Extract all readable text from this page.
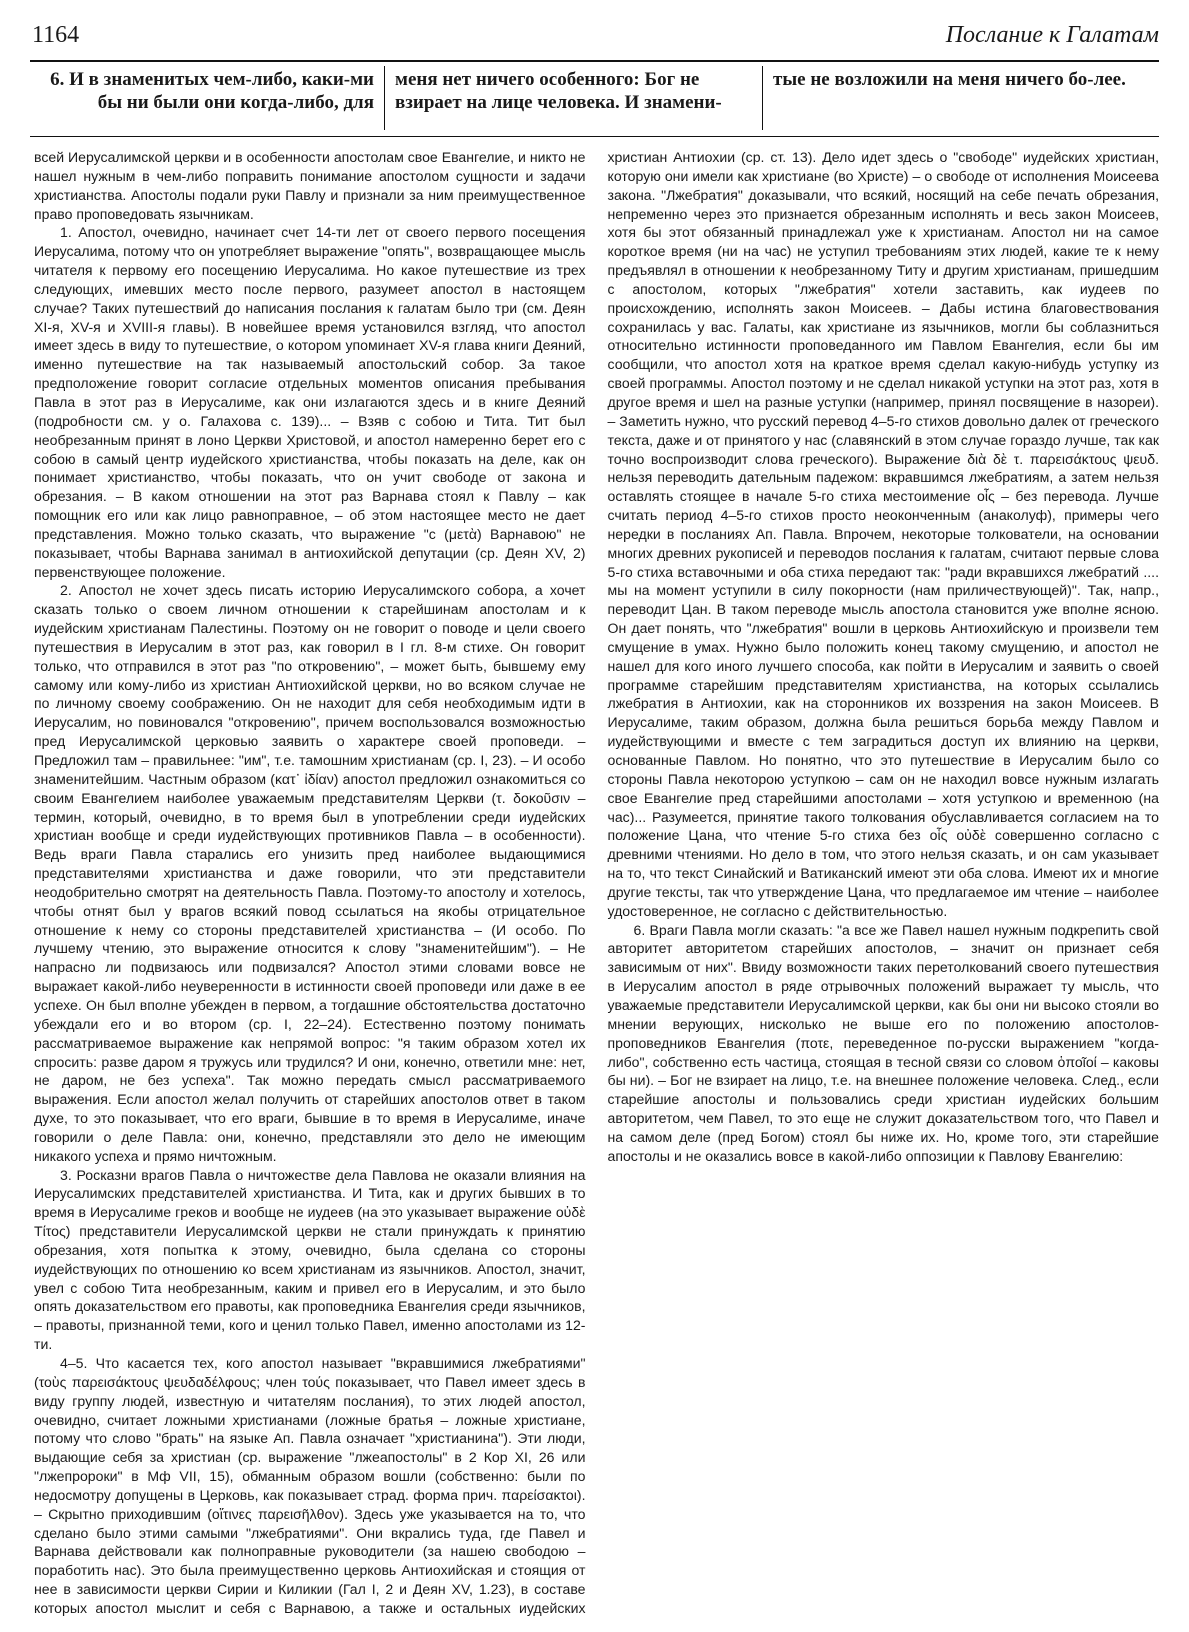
1164	Послание к Галатам
6. И в знаменитых чем-либо, каки-ми бы ни были они когда-либо, для
меня нет ничего особенного: Бог не взирает на лице человека. И знамени-
тые не возложили на меня ничего бо-лее.

всей Иерусалимской церкви и в особенности апостолам свое Евангелие, и никто не нашел нужным в чем-либо поправить понимание апостолом сущности и задачи христианства. Апостолы подали руки Павлу и признали за ним преимущественное право проповедовать язычникам.

1. Апостол, очевидно, начинает счет 14-ти лет от своего первого посещения Иерусалима, потому что он употребляет выражение "опять", возвращающее мысль читателя к первому его посещению Иерусалима. Но какое путешествие из трех следующих, имевших место после первого, разумеет апостол в настоящем случае? Таких путешествий до написания послания к галатам было три (см. Деян XI-я, XV-я и XVIII-я главы). В новейшее время установился взгляд, что апостол имеет здесь в виду то путешествие, о котором упоминает XV-я глава книги Деяний, именно путешествие на так называемый апостольский собор. За такое предположение говорит согласие отдельных моментов описания пребывания Павла в этот раз в Иерусалиме, как они излагаются здесь и в книге Деяний (подробности см. у о. Галахова с. 139)... – Взяв с собою и Тита. Тит был необрезанным принят в лоно Церкви Христовой, и апостол намеренно берет его с собою в самый центр иудейского христианства, чтобы показать на деле, как он понимает христианство, чтобы показать, что он учит свободе от закона и обрезания. – В каком отношении на этот раз Варнава стоял к Павлу – как помощник его или как лицо равноправное, – об этом настоящее место не дает представления. Можно только сказать, что выражение "с (μετὰ) Варнавою" не показывает, чтобы Варнава занимал в антиохийской депутации (ср. Деян XV, 2) первенствующее положение.

2. Апостол не хочет здесь писать историю Иерусалимского собора, а хочет сказать только о своем личном отношении к старейшинам апостолам и к иудейским христианам Палестины. Поэтому он не говорит о поводе и цели своего путешествия в Иерусалим в этот раз, как говорил в I гл. 8-м стихе. Он говорит только, что отправился в этот раз "по откровению", – может быть, бывшему ему самому или кому-либо из христиан Антиохийской церкви, но во всяком случае не по личному своему соображению. Он не находит для себя необходимым идти в Иерусалим, но повиновался "откровению", причем воспользовался возможностью пред Иерусалимской церковью заявить о характере своей проповеди. – Предложил там – правильнее: "им", т.е. тамошним христианам (ср. I, 23). – И особо знаменитейшим. Частным образом (κατ᾿ ἰδίαν) апостол предложил ознакомиться со своим Евангелием наиболее уважаемым представителям Церкви (τ. δοκοῦσιν – термин, который, очевидно, в то время был в употреблении среди иудейских христиан вообще и среди иудействующих противников Павла – в особенности). Ведь враги Павла старались его унизить пред наиболее выдающимися представителями христианства и даже говорили, что эти представители неодобрительно смотрят на деятельность Павла. Поэтому-то апостолу и хотелось, чтобы отнят был у врагов всякий повод ссылаться на якобы отрицательное отношение к нему со стороны представителей христианства – (И особо. По лучшему чтению, это выражение относится к слову "знаменитейшим"). – Не напрасно ли подвизаюсь или подвизался? Апостол этими словами вовсе не выражает какой-либо неуверенности в истинности своей проповеди или даже в ее успехе. Он был вполне убежден в первом, а тогдашние обстоятельства достаточно убеждали его и во втором (ср. I, 22–24). Естественно поэтому понимать рассматриваемое выражение как непрямой вопрос: "я таким образом хотел их спросить: разве даром я тружусь или трудился? И они, конечно, ответили мне: нет, не даром, не без успеха". Так можно передать смысл рассматриваемого выражения. Если апостол желал получить от старейших апостолов ответ в таком духе, то это показывает, что его враги, бывшие в то время в Иерусалиме, иначе говорили о деле Павла: они, конечно, представляли это дело не имеющим никакого успеха и прямо ничтожным.

3. Росказни врагов Павла о ничтожестве дела Павлова не оказали влияния на Иерусалимских представителей христианства. И Тита, как и других бывших в то время в Иерусалиме греков и вообще не иудеев (на это указывает выражение οὐδὲ Τίτος) представители Иерусалимской церкви не стали принуждать к принятию обрезания, хотя попытка к этому, очевидно, была сделана со стороны иудействующих по отношению ко всем христианам из язычников. Апостол, значит, увел с собою Тита необрезанным, каким и привел его в Иерусалим, и это было опять доказательством его правоты, как проповедника Евангелия среди язычников, – правоты, признанной теми, кого и ценил только Павел, именно апостолами из 12-ти.

4–5. Что касается тех, кого апостол называет "вкравшимися лжебратиями" (τοὺς παρεισάκτους ψευδαδέλφους; член τούς показывает, что Павел имеет здесь в виду группу людей, известную и читателям послания), то этих людей апостол, очевидно, считает ложными христианами (ложные братья – ложные христиане, потому что слово "брать" на языке Ап. Павла означает "христианина"). Эти люди, выдающие себя за христиан (ср. выражение "лжеапостолы" в 2 Кор XI, 26 или "лжепророки" в Мф VII, 15), обманным образом вошли (собственно: были по недосмотру допущены в Церковь, как показывает страд. форма прич. παρείσακτοι). – Скрытно приходившим (οἵτινες παρεισῆλθον). Здесь уже указывается на то, что сделано было этими самыми "лжебратиями". Они вкрались туда, где Павел и Варнава действовали как полноправные руководители (за нашею свободою – поработить нас). Это была преимущественно церковь Антиохийская и стоящия от нее в зависимости церкви Сирии и Киликии (Гал I, 2 и Деян XV, 1.23), в составе которых апостол мыслит и себя с Варнавою, а также и остальных иудейских христиан Антиохии (ср. ст. 13). Дело идет здесь о "свободе" иудейских христиан, которую они имели как христиане (во Христе) – о свободе от исполнения Моисеева закона. "Лжебратия" доказывали, что всякий, носящий на себе печать обрезания, непременно через это признается обрезанным исполнять и весь закон Моисеев, хотя бы этот обязанный принадлежал уже к христианам. Апостол ни на самое короткое время (ни на час) не уступил требованиям этих людей, какие те к нему предъявлял в отношении к необрезанному Титу и другим христианам, пришедшим с апостолом, которых "лжебратия" хотели заставить, как иудеев по происхождению, исполнять закон Моисеев. – Дабы истина благовествования сохранилась у вас. Галаты, как христиане из язычников, могли бы соблазниться относительно истинности проповеданного им Павлом Евангелия, если бы им сообщили, что апостол хотя на краткое время сделал какую-нибудь уступку из своей программы. Апостол поэтому и не сделал никакой уступки на этот раз, хотя в другое время и шел на разные уступки (например, принял посвящение в назореи). – Заметить нужно, что русский перевод 4–5-го стихов довольно далек от греческого текста, даже и от принятого у нас (славянский в этом случае гораздо лучше, так как точно воспроизводит слова греческого). Выражение διὰ δὲ τ. παρεισάκτους ψευδ. нельзя переводить дательным падежом: вкравшимся лжебратиям, а затем нельзя оставлять стоящее в начале 5-го стиха местоимение οἷς – без перевода. Лучше считать период 4–5-го стихов просто неоконченным (анаколуф), примеры чего нередки в посланиях Ап. Павла. Впрочем, некоторые толкователи, на основании многих древних рукописей и переводов послания к галатам, считают первые слова 5-го стиха вставочными и оба стиха передают так: "ради вкравшихся лжебратий .... мы на момент уступили в силу покорности (нам приличествующей)". Так, напр., переводит Цан. В таком переводе мысль апостола становится уже вполне ясною. Он дает понять, что "лжебратия" вошли в церковь Антиохийскую и произвели тем смущение в умах. Нужно было положить конец такому смущению, и апостол не нашел для кого иного лучшего способа, как пойти в Иерусалим и заявить о своей программе старейшим представителям христианства, на которых ссылались лжебратия в Антиохии, как на сторонников их воззрения на закон Моисеев. В Иерусалиме, таким образом, должна была решиться борьба между Павлом и иудействующими и вместе с тем заградиться доступ их влиянию на церкви, основанные Павлом. Но понятно, что это путешествие в Иерусалим было со стороны Павла некоторою уступкою – сам он не находил вовсе нужным излагать свое Евангелие пред старейшими апостолами – хотя уступкою и временною (на час)... Разумеется, принятие такого толкования обуславливается согласием на то положение Цана, что чтение 5-го стиха без οἷς οὐδὲ совершенно согласно с древними чтениями. Но дело в том, что этого нельзя сказать, и он сам указывает на то, что текст Синайский и Ватиканский имеют эти оба слова. Имеют их и многие другие тексты, так что утверждение Цана, что предлагаемое им чтение – наиболее удостоверенное, не согласно с действительностью.

6. Враги Павла могли сказать: "а все же Павел нашел нужным подкрепить свой авторитет авторитетом старейших апостолов, – значит он признает себя зависимым от них". Ввиду возможности таких перетолкований своего путешествия в Иерусалим апостол в ряде отрывочных положений выражает ту мысль, что уважаемые представители Иерусалимской церкви, как бы они ни высоко стояли во мнении верующих, нисколько не выше его по положению апостолов-проповедников Евангелия (ποτε, переведенное по-русски выражением "когда-либо", собственно есть частица, стоящая в тесной связи со словом ὁποῖοί – каковы бы ни). – Бог не взирает на лицо, т.е. на внешнее положение человека. След., если старейшие апостолы и пользовались среди христиан иудейских большим авторитетом, чем Павел, то это еще не служит доказательством того, что Павел и на самом деле (пред Богом) стоял бы ниже их. Но, кроме того, эти старейшие апостолы и не оказались вовсе в какой-либо оппозиции к Павлову Евангелию:
